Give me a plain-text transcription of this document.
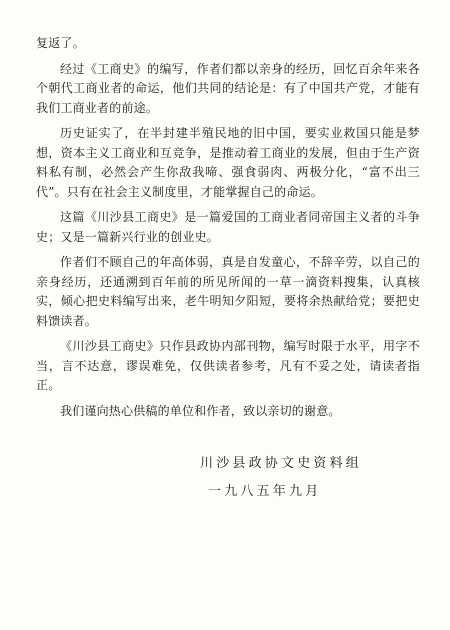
复返了。

经过《工商史》的编写，作者们都以亲身的经历，回忆百余年来各个朝代工商业者的命运，他们共同的结论是：有了中国共产党，才能有我们工商业者的前途。

历史证实了，在半封建半殖民地的旧中国，要实业救国只能是梦想，资本主义工商业和互竞争，是推动着工商业的发展，但由于生产资料私有制，必然会产生你敌我啼、强食弱肉、两极分化，“富不出三代”。只有在社会主义制度里，才能掌握自己的命运。

这篇《川沙县工商史》是一篇爱国的工商业者同帝国主义者的斗争史；又是一篇新兴行业的创业史。

作者们不顾自己的年高体弱，真是自发童心，不辞辛劳，以自己的亲身经历，还通溯到百年前的所见所闻的一草一滴资料搜集，认真核实，倾心把史料编写出来，老牛明知夕阳短，要将余热献给党；要把史料馈读者。

《川沙县工商史》只作县政协内部刊物，编写时限于水平，用字不当，言不达意，谬误难免，仅供读者参考，凡有不妥之处，请读者指正。

我们谨向热心供稿的单位和作者，致以亲切的谢意。

川沙县政协文史资料组
一九八五年九月
